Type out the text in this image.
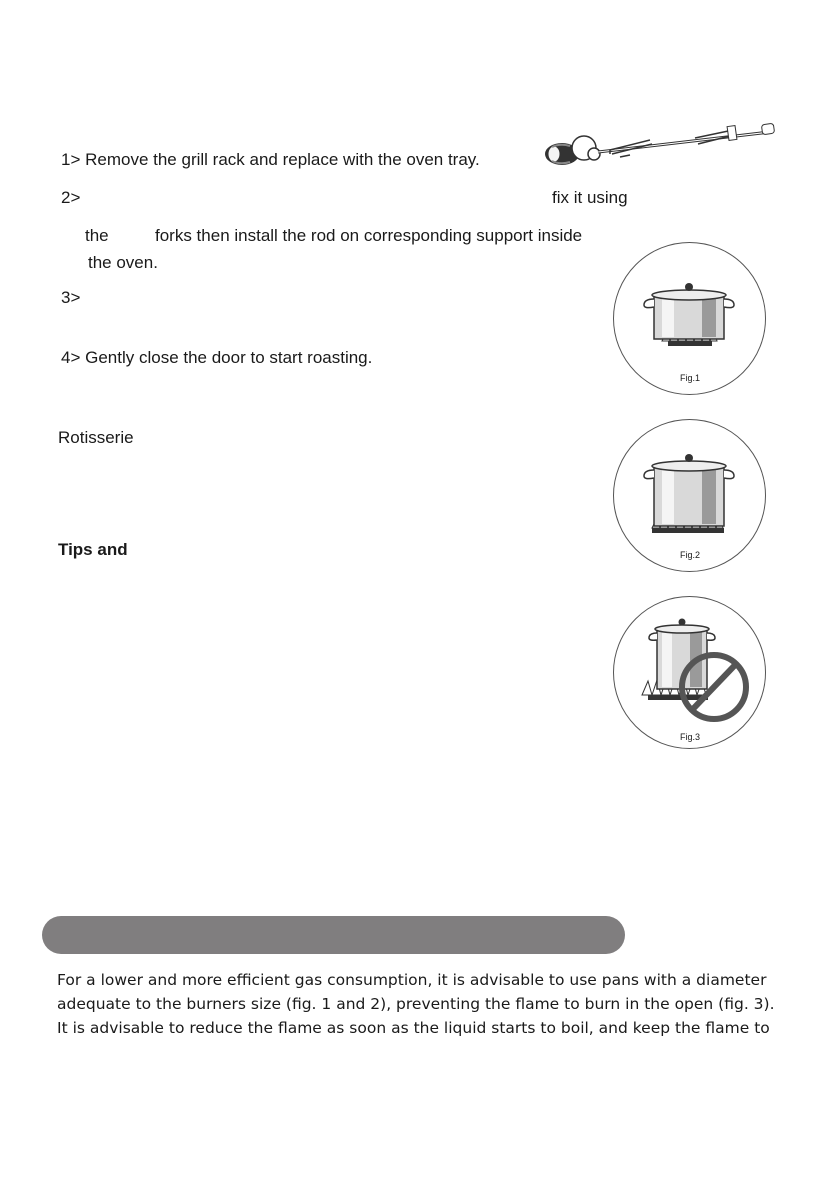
1> Remove the grill rack and replace with the oven tray.
2>	fix it using
the	forks then install the rod on corresponding support inside
the oven.
3>
4> Gently close the door to start roasting.
Rotisserie
Tips and
Fig.1
Fig.2
Fig.3
For a lower and more efficient gas consumption, it is advisable to use pans with a diameter
adequate to the burners size (fig. 1 and 2), preventing the flame to burn in the open (fig. 3).
It is advisable to reduce the flame as soon as the liquid starts to boil, and keep the flame to
